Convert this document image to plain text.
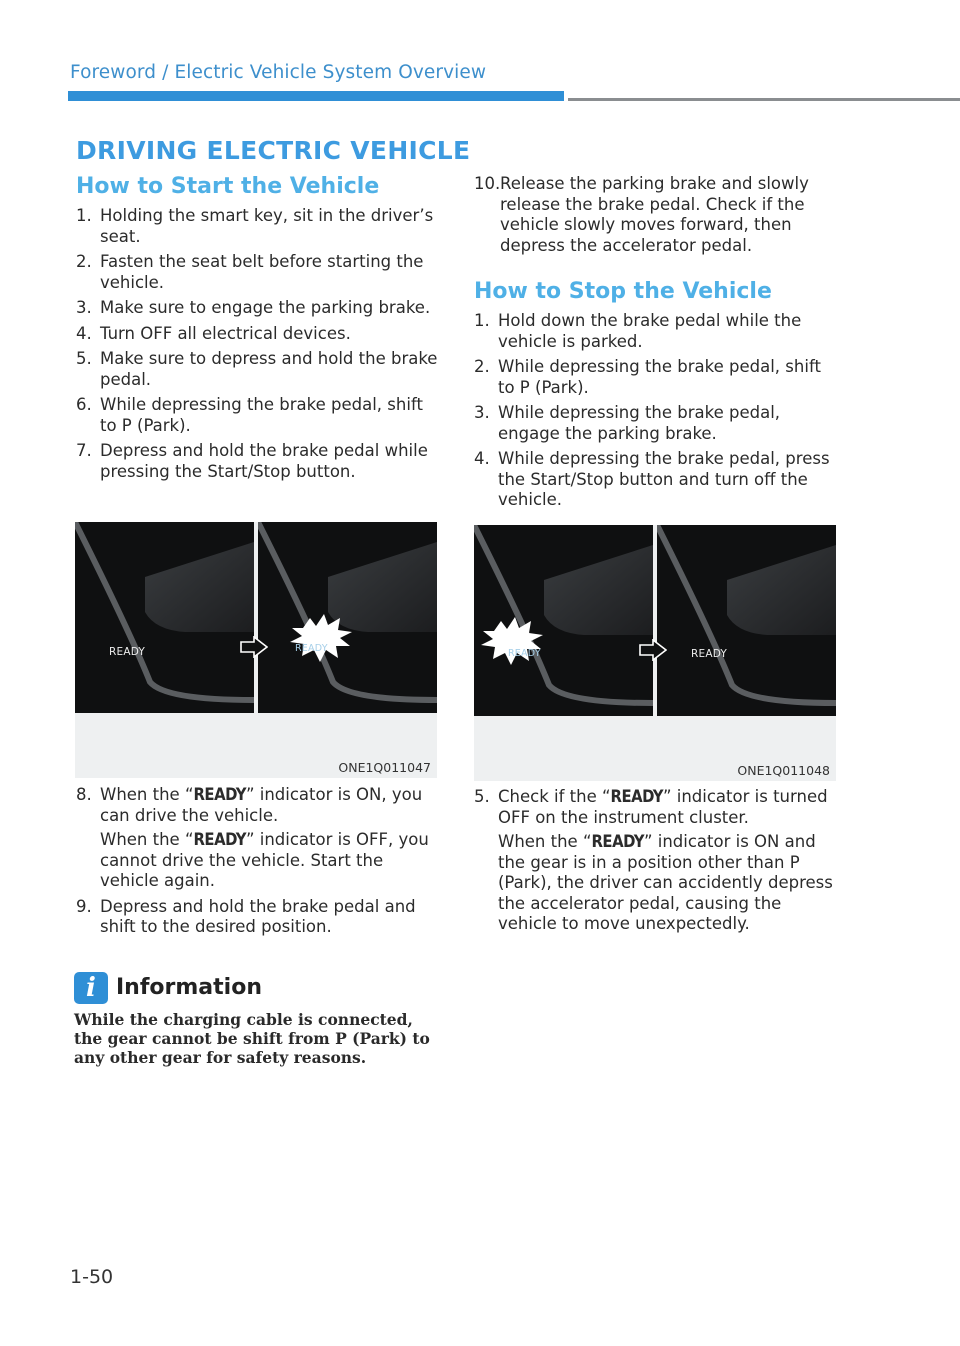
Foreword / Electric Vehicle System Overview
DRIVING ELECTRIC VEHICLE
How to Start the Vehicle
1. Holding the smart key, sit in the driver’s seat.
2. Fasten the seat belt before starting the vehicle.
3. Make sure to engage the parking brake.
4. Turn OFF all electrical devices.
5. Make sure to depress and hold the brake pedal.
6. While depressing the brake pedal, shift to P (Park).
7. Depress and hold the brake pedal while pressing the Start/Stop button.
READY	READY
ONE1Q011047
8. When the “READY” indicator is ON, you can drive the vehicle.

When the “READY” indicator is OFF, you cannot drive the vehicle. Start the vehicle again.

9. Depress and hold the brake pedal and shift to the desired position.
i Information
While the charging cable is connected, the gear cannot be shift from P (Park) to any other gear for safety reasons.
10. Release the parking brake and slowly release the brake pedal. Check if the vehicle slowly moves forward, then depress the accelerator pedal.
How to Stop the Vehicle
1. Hold down the brake pedal while the vehicle is parked.
2. While depressing the brake pedal, shift to P (Park).
3. While depressing the brake pedal, engage the parking brake.
4. While depressing the brake pedal, press the Start/Stop button and turn off the vehicle.
READY	READY
ONE1Q011048
5. Check if the “READY” indicator is turned OFF on the instrument cluster.

When the “READY” indicator is ON and the gear is in a position other than P (Park), the driver can accidently depress the accelerator pedal, causing the vehicle to move unexpectedly.

1-50
